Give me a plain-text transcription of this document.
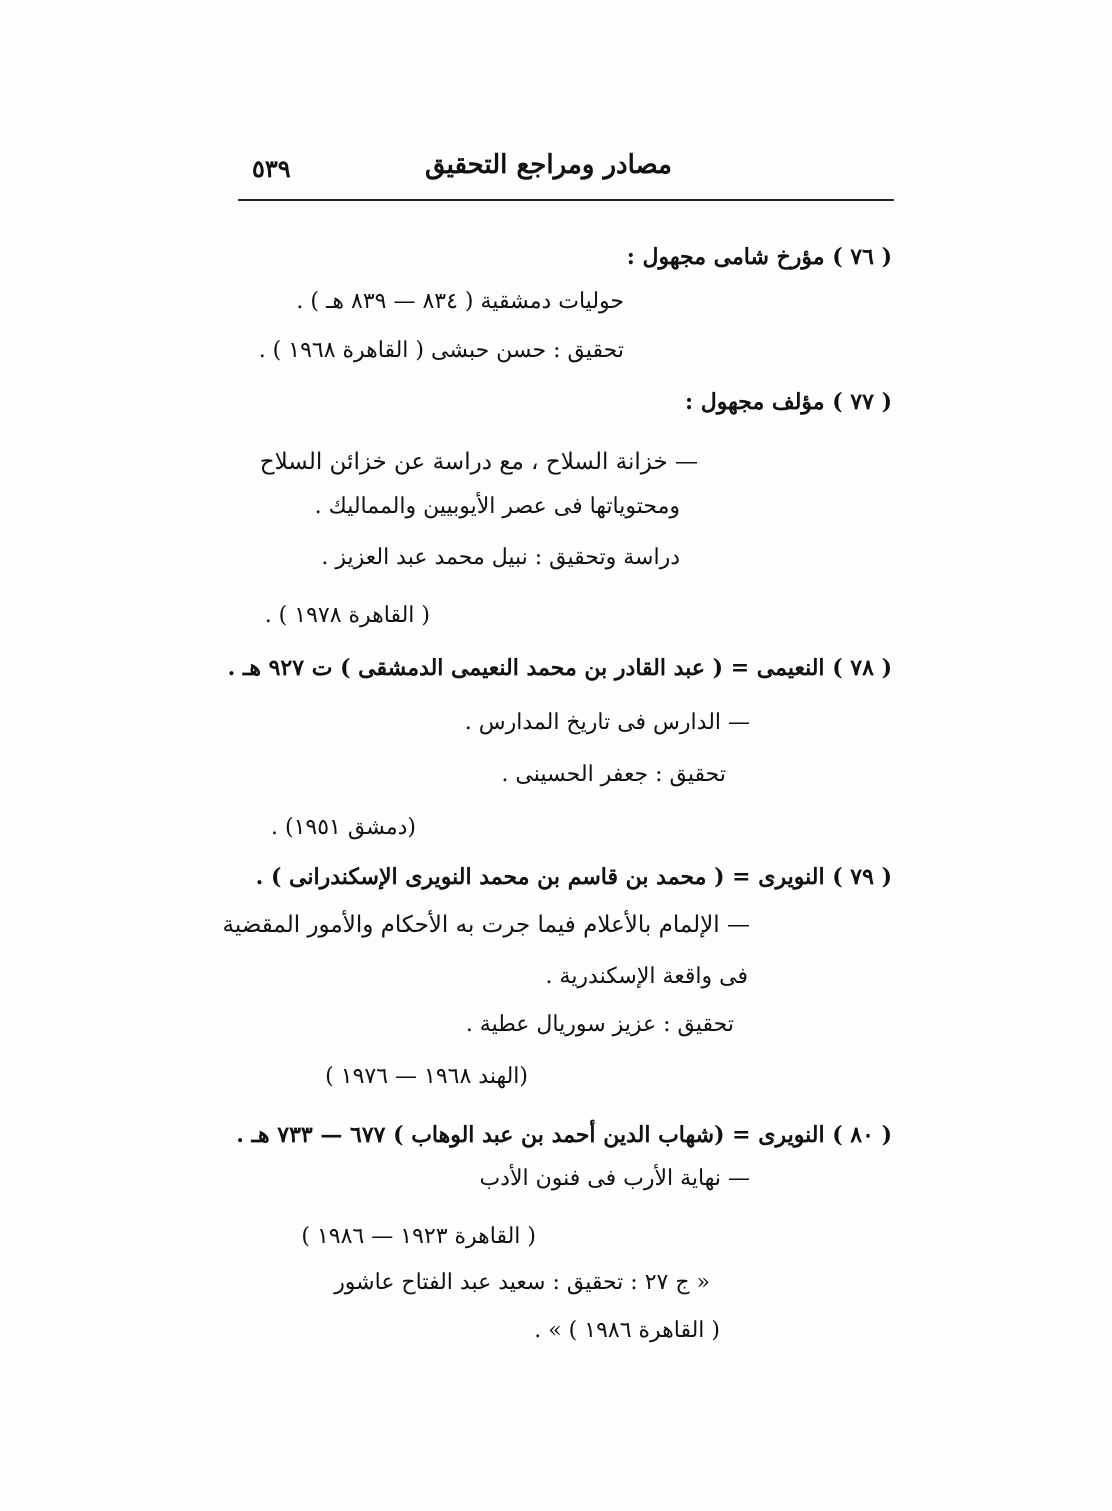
مصادر ومراجع التحقيق
٥٣٩
( ٧٦ ) مؤرخ شامى مجهول :
حوليات دمشقية ( ٨٣٤ — ٨٣٩ هـ ) .
تحقيق : حسن حبشى ( القاهرة ١٩٦٨ ) .
( ٧٧ ) مؤلف مجهول :
— خزانة السلاح ، مع دراسة عن خزائن السلاح
ومحتوياتها فى عصر الأيوبيين والمماليك .
دراسة وتحقيق : نبيل محمد عبد العزيز .
( القاهرة ١٩٧٨ ) .
( ٧٨ ) النعيمى = ( عبد القادر بن محمد النعيمى الدمشقى ) ت ٩٢٧ هـ .
— الدارس فى تاريخ المدارس .
تحقيق : جعفر الحسينى .
(دمشق ١٩٥١) .
( ٧٩ ) النويرى = ( محمد بن قاسم بن محمد النويرى الإسكندرانى ) .
— الإلمام بالأعلام فيما جرت به الأحكام والأمور المقضية
فى واقعة الإسكندرية .
تحقيق : عزيز سوريال عطية .
(الهند ١٩٦٨ — ١٩٧٦ )
( ٨٠ ) النويرى = (شهاب الدين أحمد بن عبد الوهاب ) ٦٧٧ — ٧٣٣ هـ .
— نهاية الأرب فى فنون الأدب
( القاهرة ١٩٢٣ — ١٩٨٦ )
« ج ٢٧ : تحقيق : سعيد عبد الفتاح عاشور
( القاهرة ١٩٨٦ ) » .
